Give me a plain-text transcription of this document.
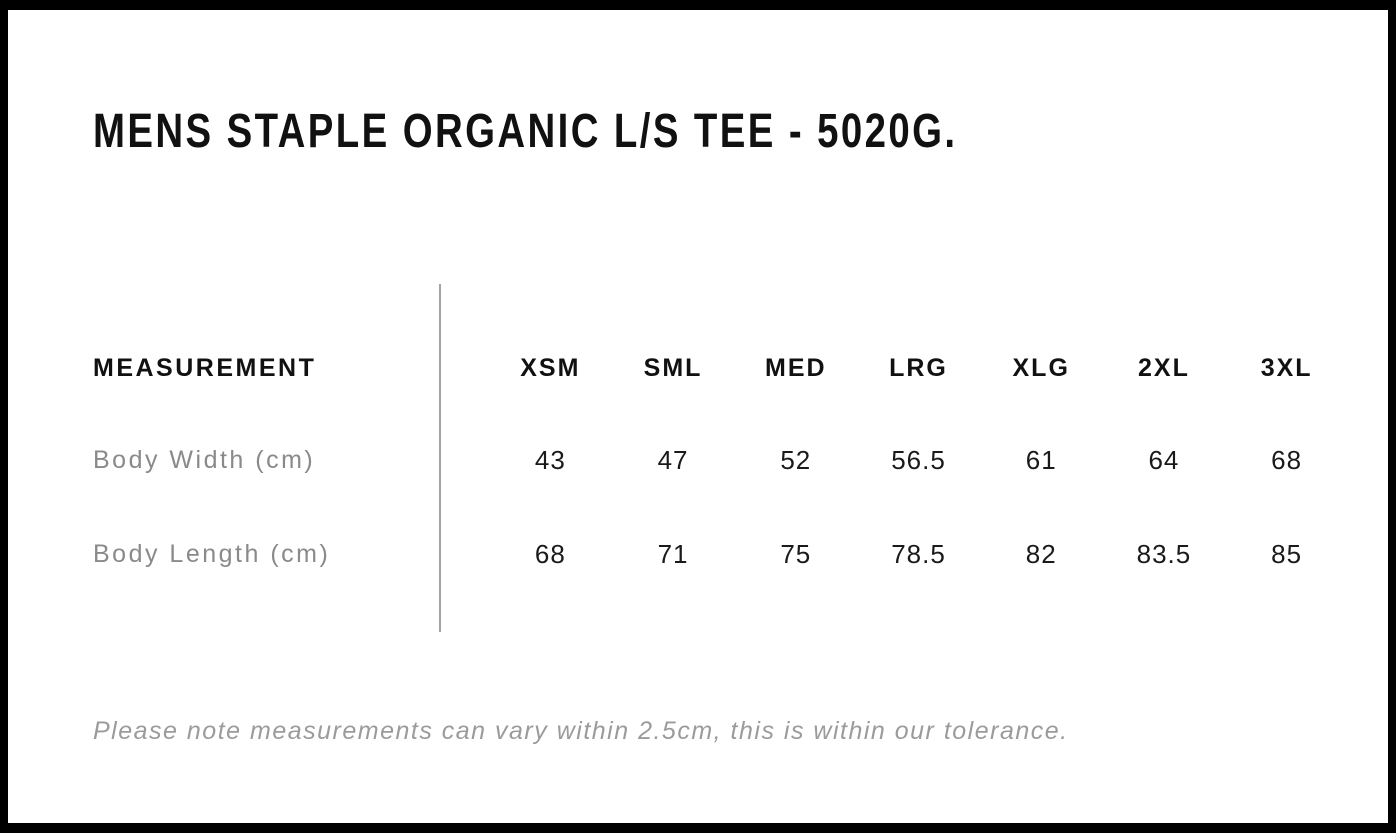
MENS STAPLE ORGANIC L/S TEE - 5020G.
MEASUREMENT	XSM	SML	MED	LRG	XLG	2XL	3XL
Body Width (cm)	43	47	52	56.5	61	64	68
Body Length (cm)	68	71	75	78.5	82	83.5	85

Please note measurements can vary within 2.5cm, this is within our tolerance.
